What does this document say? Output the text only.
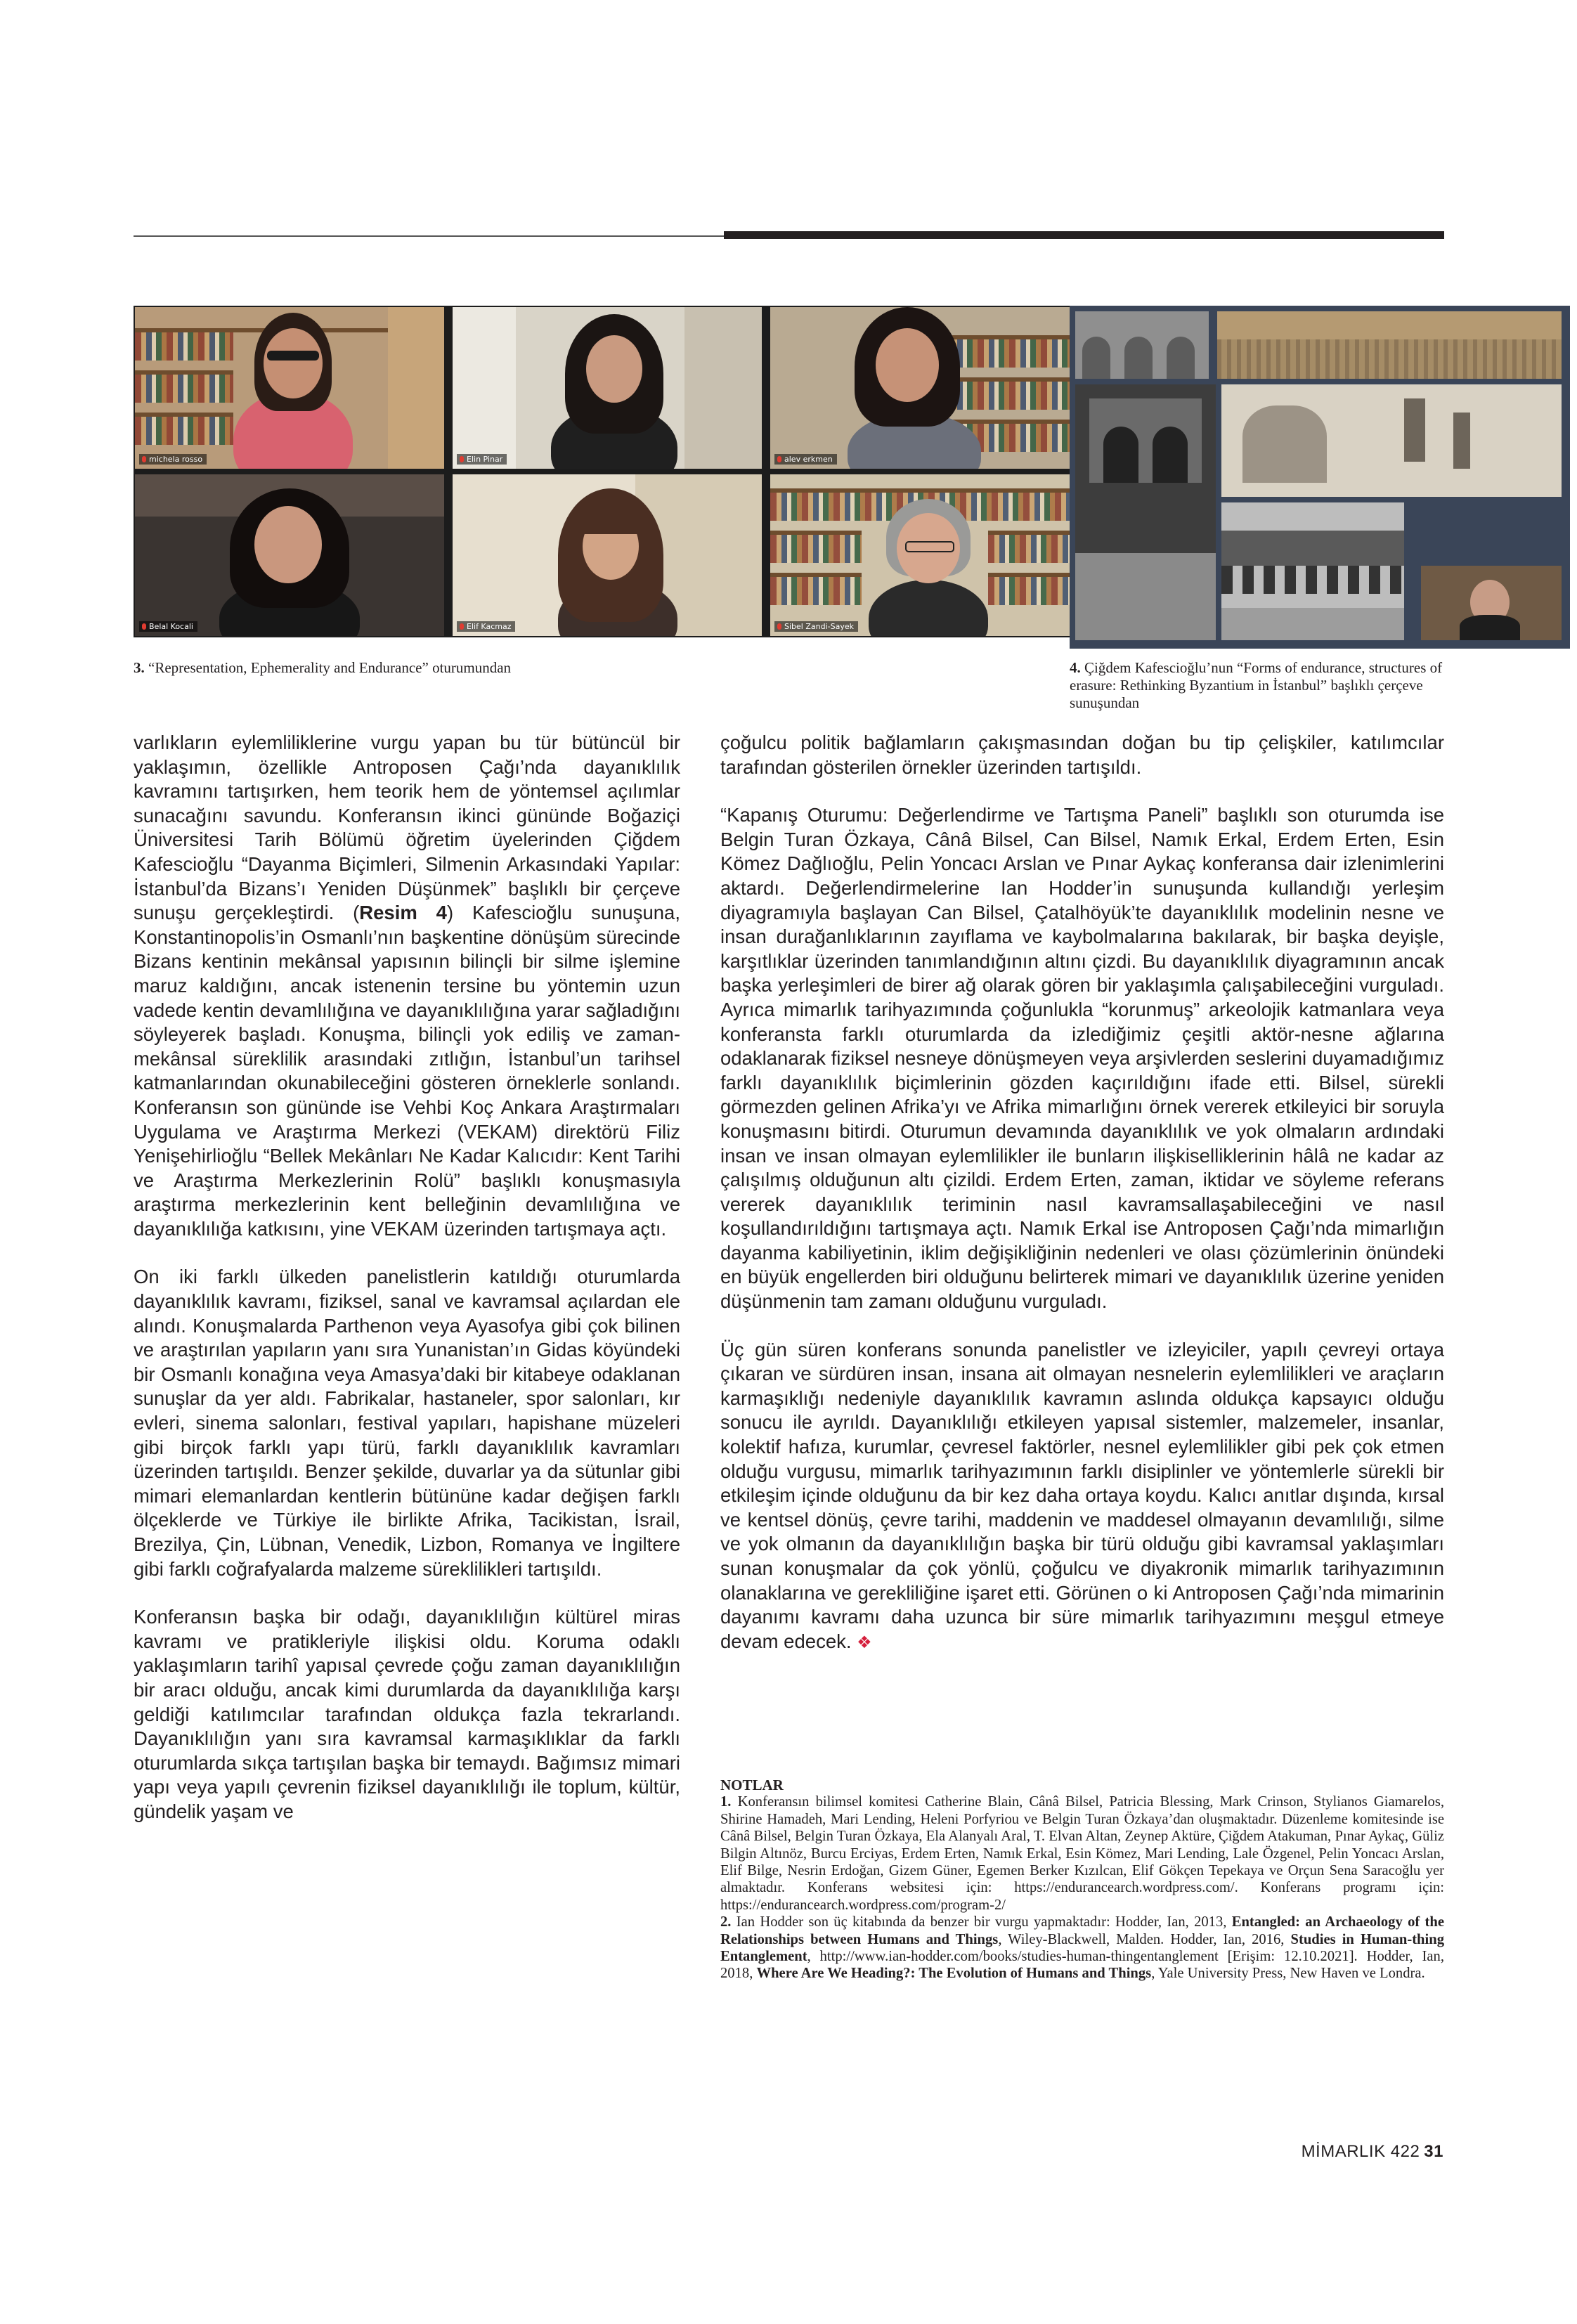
michela rosso	Elin Pinar	alev erkmen
Belal Kocali	Elif Kacmaz	Sibel Zandi-Sayek
3. “Representation, Ephemerality and Endurance” oturumundan	4. Çiğdem Kafescioğlu’nun “Forms of endurance, structures of erasure: Rethinking Byzantium in İstanbul” başlıklı çerçeve sunuşundan

varlıkların eylemliliklerine vurgu yapan bu tür bütüncül bir yaklaşımın, özellikle Antroposen Çağı’nda dayanıklılık kavramını tartışırken, hem teorik hem de yöntemsel açılımlar sunacağını savundu. Konferansın ikinci gününde Boğaziçi Üniversitesi Tarih Bölümü öğretim üyelerinden Çiğdem Kafescioğlu “Dayanma Biçimleri, Silmenin Arkasındaki Yapılar: İstanbul’da Bizans’ı Yeniden Düşünmek” başlıklı bir çerçeve sunuşu gerçekleştirdi. (Resim 4) Kafescioğlu sunuşuna, Konstantinopolis’in Osmanlı’nın başkentine dönüşüm sürecinde Bizans kentinin mekânsal yapısının bilinçli bir silme işlemine maruz kaldığını, ancak istenenin tersine bu yöntemin uzun vadede kentin devamlılığına ve dayanıklılığına yarar sağladığını söyleyerek başladı. Konuşma, bilinçli yok ediliş ve zaman-mekânsal süreklilik arasındaki zıtlığın, İstanbul’un tarihsel katmanlarından okunabileceğini gösteren örneklerle sonlandı. Konferansın son gününde ise Vehbi Koç Ankara Araştırmaları Uygulama ve Araştırma Merkezi (VEKAM) direktörü Filiz Yenişehirlioğlu “Bellek Mekânları Ne Kadar Kalıcıdır: Kent Tarihi ve Araştırma Merkezlerinin Rolü” başlıklı konuşmasıyla araştırma merkezlerinin kent belleğinin devamlılığına ve dayanıklılığa katkısını, yine VEKAM üzerinden tartışmaya açtı.

On iki farklı ülkeden panelistlerin katıldığı oturumlarda dayanıklılık kavramı, fiziksel, sanal ve kavramsal açılardan ele alındı. Konuşmalarda Parthenon veya Ayasofya gibi çok bilinen ve araştırılan yapıların yanı sıra Yunanistan’ın Gidas köyündeki bir Osmanlı konağına veya Amasya’daki bir kitabeye odaklanan sunuşlar da yer aldı. Fabrikalar, hastaneler, spor salonları, kır evleri, sinema salonları, festival yapıları, hapishane müzeleri gibi birçok farklı yapı türü, farklı dayanıklılık kavramları üzerinden tartışıldı. Benzer şekilde, duvarlar ya da sütunlar gibi mimari elemanlardan kentlerin bütününe kadar değişen farklı ölçeklerde ve Türkiye ile birlikte Afrika, Tacikistan, İsrail, Brezilya, Çin, Lübnan, Venedik, Lizbon, Romanya ve İngiltere gibi farklı coğrafyalarda malzeme süreklilikleri tartışıldı.

Konferansın başka bir odağı, dayanıklılığın kültürel miras kavramı ve pratikleriyle ilişkisi oldu. Koruma odaklı yaklaşımların tarihî yapısal çevrede çoğu zaman dayanıklılığın bir aracı olduğu, ancak kimi durumlarda da dayanıklılığa karşı geldiği katılımcılar tarafından oldukça fazla tekrarlandı. Dayanıklılığın yanı sıra kavramsal karmaşıklıklar da farklı oturumlarda sıkça tartışılan başka bir temaydı. Bağımsız mimari yapı veya yapılı çevrenin fiziksel dayanıklılığı ile toplum, kültür, gündelik yaşam ve

çoğulcu politik bağlamların çakışmasından doğan bu tip çelişkiler, katılımcılar tarafından gösterilen örnekler üzerinden tartışıldı.

“Kapanış Oturumu: Değerlendirme ve Tartışma Paneli” başlıklı son oturumda ise Belgin Turan Özkaya, Cânâ Bilsel, Can Bilsel, Namık Erkal, Erdem Erten, Esin Kömez Dağlıoğlu, Pelin Yoncacı Arslan ve Pınar Aykaç konferansa dair izlenimlerini aktardı. Değerlendirmelerine Ian Hodder’in sunuşunda kullandığı yerleşim diyagramıyla başlayan Can Bilsel, Çatalhöyük’te dayanıklılık modelinin nesne ve insan durağanlıklarının zayıflama ve kaybolmalarına bakılarak, bir başka deyişle, karşıtlıklar üzerinden tanımlandığının altını çizdi. Bu dayanıklılık diyagramının ancak başka yerleşimleri de birer ağ olarak gören bir yaklaşımla çalışabileceğini vurguladı. Ayrıca mimarlık tarihyazımında çoğunlukla “korunmuş” arkeolojik katmanlara veya konferansta farklı oturumlarda da izlediğimiz çeşitli aktör-nesne ağlarına odaklanarak fiziksel nesneye dönüşmeyen veya arşivlerden seslerini duyamadığımız farklı dayanıklılık biçimlerinin gözden kaçırıldığını ifade etti. Bilsel, sürekli görmezden gelinen Afrika’yı ve Afrika mimarlığını örnek vererek etkileyici bir soruyla konuşmasını bitirdi. Oturumun devamında dayanıklılık ve yok olmaların ardındaki insan ve insan olmayan eylemlilikler ile bunların ilişkiselliklerinin hâlâ ne kadar az çalışılmış olduğunun altı çizildi. Erdem Erten, zaman, iktidar ve söyleme referans vererek dayanıklılık teriminin nasıl kavramsallaşabileceğini ve nasıl koşullandırıldığını tartışmaya açtı. Namık Erkal ise Antroposen Çağı’nda mimarlığın dayanma kabiliyetinin, iklim değişikliğinin nedenleri ve olası çözümlerinin önündeki en büyük engellerden biri olduğunu belirterek mimari ve dayanıklılık üzerine yeniden düşünmenin tam zamanı olduğunu vurguladı.

Üç gün süren konferans sonunda panelistler ve izleyiciler, yapılı çevreyi ortaya çıkaran ve sürdüren insan, insana ait olmayan nesnelerin eylemlilikleri ve araçların karmaşıklığı nedeniyle dayanıklılık kavramın aslında oldukça kapsayıcı olduğu sonucu ile ayrıldı. Dayanıklılığı etkileyen yapısal sistemler, malzemeler, insanlar, kolektif hafıza, kurumlar, çevresel faktörler, nesnel eylemlilikler gibi pek çok etmen olduğu vurgusu, mimarlık tarihyazımının farklı disiplinler ve yöntemlerle sürekli bir etkileşim içinde olduğunu da bir kez daha ortaya koydu. Kalıcı anıtlar dışında, kırsal ve kentsel dönüş, çevre tarihi, maddenin ve maddesel olmayanın devamlılığı, silme ve yok olmanın da dayanıklılığın başka bir türü olduğu gibi kavramsal yaklaşımları sunan konuşmalar da çok yönlü, çoğulcu ve diyakronik mimarlık tarihyazımının olanaklarına ve gerekliliğine işaret etti. Görünen o ki Antroposen Çağı’nda mimarinin dayanımı kavramı daha uzunca bir süre mimarlık tarihyazımını meşgul etmeye devam edecek. ❖

NOTLAR

1. Konferansın bilimsel komitesi Catherine Blain, Cânâ Bilsel, Patricia Blessing, Mark Crinson, Stylianos Giamarelos, Shirine Hamadeh, Mari Lending, Heleni Porfyriou ve Belgin Turan Özkaya’dan oluşmaktadır. Düzenleme komitesinde ise Cânâ Bilsel, Belgin Turan Özkaya, Ela Alanyalı Aral, T. Elvan Altan, Zeynep Aktüre, Çiğdem Atakuman, Pınar Aykaç, Güliz Bilgin Altınöz, Burcu Erciyas, Erdem Erten, Namık Erkal, Esin Kömez, Mari Lending, Lale Özgenel, Pelin Yoncacı Arslan, Elif Bilge, Nesrin Erdoğan, Gizem Güner, Egemen Berker Kızılcan, Elif Gökçen Tepekaya ve Orçun Sena Saracoğlu yer almaktadır. Konferans websitesi için: https://endurancearch.wordpress.com/. Konferans programı için: https://endurancearch.wordpress.com/program-2/

2. Ian Hodder son üç kitabında da benzer bir vurgu yapmaktadır: Hodder, Ian, 2013, Entangled: an Archaeology of the Relationships between Humans and Things, Wiley-Blackwell, Malden. Hodder, Ian, 2016, Studies in Human-thing Entanglement, http://www.ian-hodder.com/books/studies-human-thingentanglement [Erişim: 12.10.2021]. Hodder, Ian, 2018, Where Are We Heading?: The Evolution of Humans and Things, Yale University Press, New Haven ve Londra.

MİMARLIK 422 31
